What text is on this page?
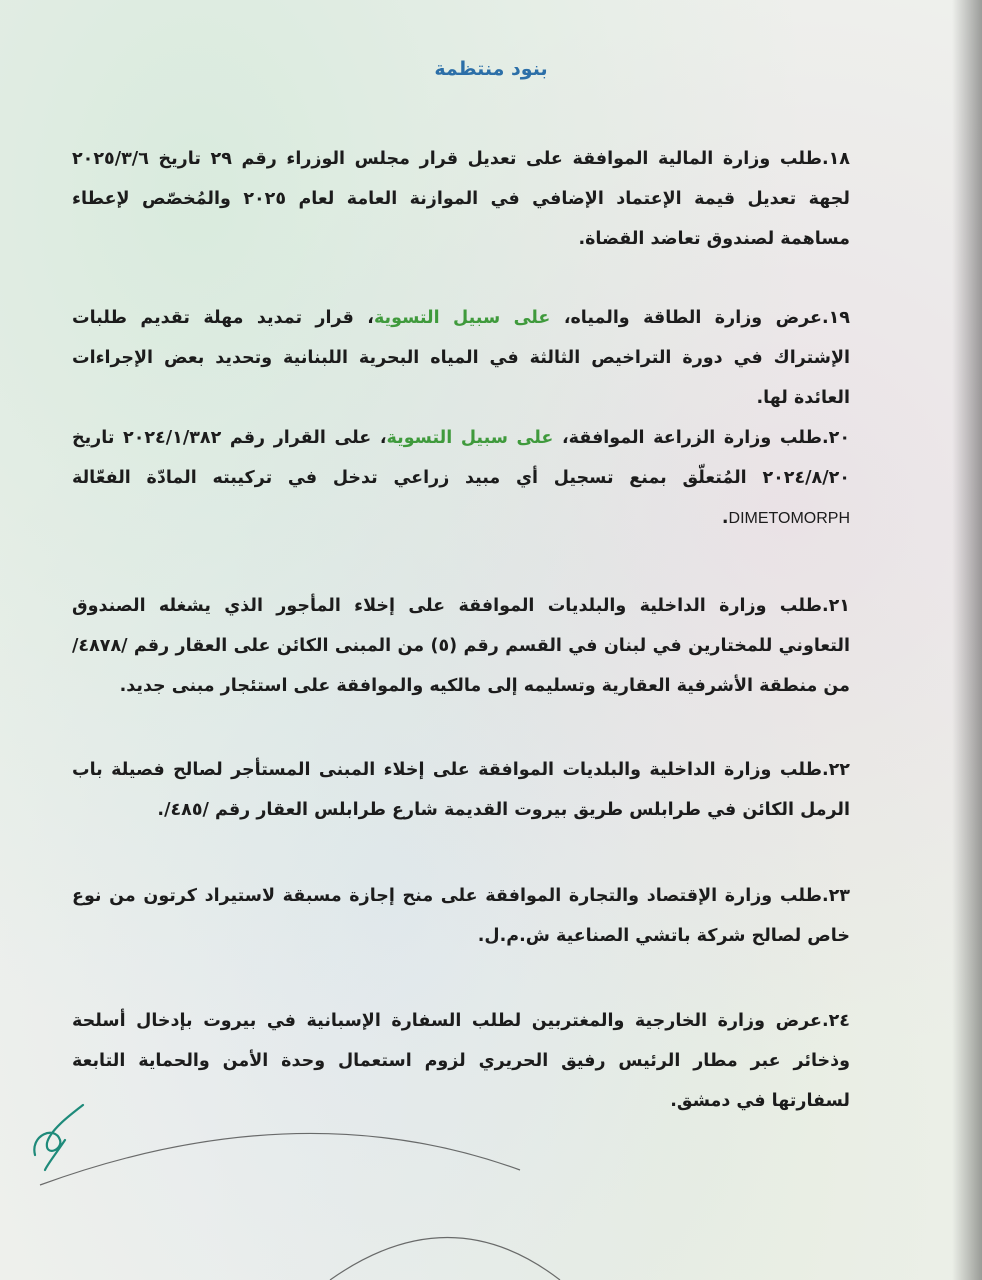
بنود منتظمة
١٨.طلب وزارة المالية الموافقة على تعديل قرار مجلس الوزراء رقم ٢٩ تاريخ ٢٠٢٥/٣/٦ لجهة تعديل قيمة الإعتماد الإضافي في الموازنة العامة لعام ٢٠٢٥ والمُخصّص لإعطاء مساهمة لصندوق تعاضد القضاة.
١٩.عرض وزارة الطاقة والمياه، على سبيل التسوية، قرار تمديد مهلة تقديم طلبات الإشتراك في دورة التراخيص الثالثة في المياه البحرية اللبنانية وتحديد بعض الإجراءات العائدة لها.
٢٠.طلب وزارة الزراعة الموافقة، على سبيل التسوية، على القرار رقم ٢٠٢٤/١/٣٨٢ تاريخ ٢٠٢٤/٨/٢٠ المُتعلّق بمنع تسجيل أي مبيد زراعي تدخل في تركيبته المادّة الفعّالة DIMETOMORPH.
٢١.طلب وزارة الداخلية والبلديات الموافقة على إخلاء المأجور الذي يشغله الصندوق التعاوني للمختارين في لبنان في القسم رقم (٥) من المبنى الكائن على العقار رقم /٤٨٧٨/ من منطقة الأشرفية العقارية وتسليمه إلى مالكيه والموافقة على استئجار مبنى جديد.
٢٢.طلب وزارة الداخلية والبلديات الموافقة على إخلاء المبنى المستأجر لصالح فصيلة باب الرمل الكائن في طرابلس طريق بيروت القديمة شارع طرابلس العقار رقم /٤٨٥/.
٢٣.طلب وزارة الإقتصاد والتجارة الموافقة على منح إجازة مسبقة لاستيراد كرتون من نوع خاص لصالح شركة باتشي الصناعية ش.م.ل.
٢٤.عرض وزارة الخارجية والمغتربين لطلب السفارة الإسبانية في بيروت بإدخال أسلحة وذخائر عبر مطار الرئيس رفيق الحريري لزوم استعمال وحدة الأمن والحماية التابعة لسفارتها في دمشق.
